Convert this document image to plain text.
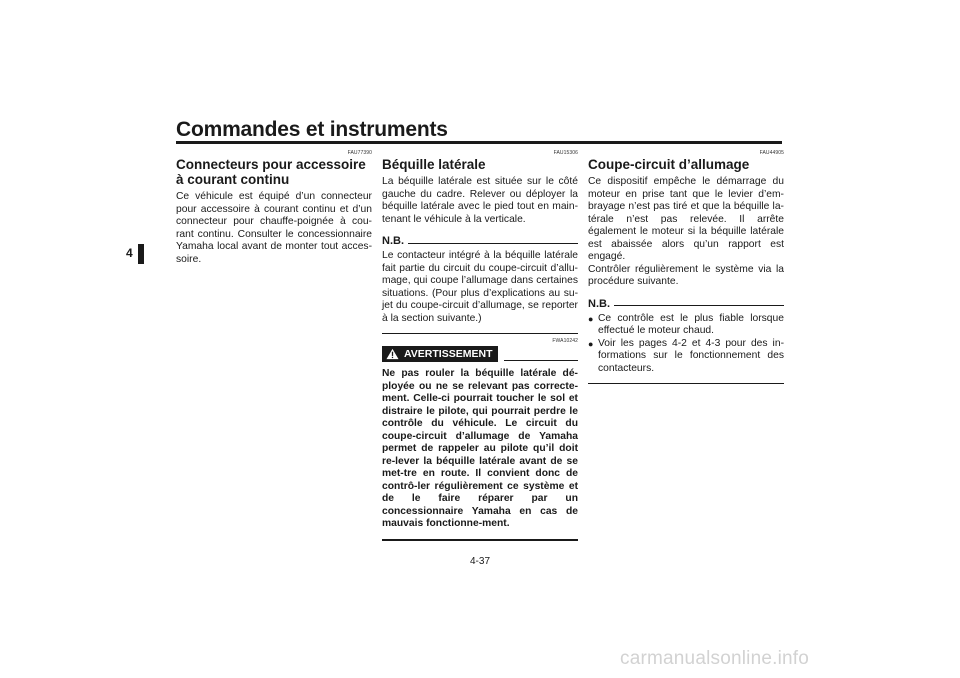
Commandes et instruments
4
FAU77390
Connecteurs pour accessoire à courant continu

Ce véhicule est équipé d’un connecteur pour accessoire à courant continu et d’un connecteur pour chauffe-poignée à cou-rant continu. Consulter le concessionnaire Yamaha local avant de monter tout acces-soire.

FAU15306
Béquille latérale

La béquille latérale est située sur le côté gauche du cadre. Relever ou déployer la béquille latérale avec le pied tout en main-tenant le véhicule à la verticale.

N.B.

Le contacteur intégré à la béquille latérale fait partie du circuit du coupe-circuit d’allu-mage, qui coupe l’allumage dans certaines situations. (Pour plus d’explications au su-jet du coupe-circuit d’allumage, se reporter à la section suivante.)

FWA10242
AVERTISSEMENT

Ne pas rouler la béquille latérale dé-ployée ou ne se relevant pas correcte-ment. Celle-ci pourrait toucher le sol et distraire le pilote, qui pourrait perdre le contrôle du véhicule. Le circuit du coupe-circuit d’allumage de Yamaha permet de rappeler au pilote qu’il doit re-lever la béquille latérale avant de se met-tre en route. Il convient donc de contrô-ler régulièrement ce système et de le faire réparer par un concessionnaire Yamaha en cas de mauvais fonctionne-ment.

FAU44905
Coupe-circuit d’allumage

Ce dispositif empêche le démarrage du moteur en prise tant que le levier d’em-brayage n’est pas tiré et que la béquille la-térale n’est pas relevée. Il arrête également le moteur si la béquille latérale est abaissée alors qu’un rapport est engagé.

Contrôler régulièrement le système via la procédure suivante.

N.B.
● Ce contrôle est le plus fiable lorsque effectué le moteur chaud.
● Voir les pages 4-2 et 4-3 pour des in-formations sur le fonctionnement des contacteurs.
4-37
carmanualsonline.info
